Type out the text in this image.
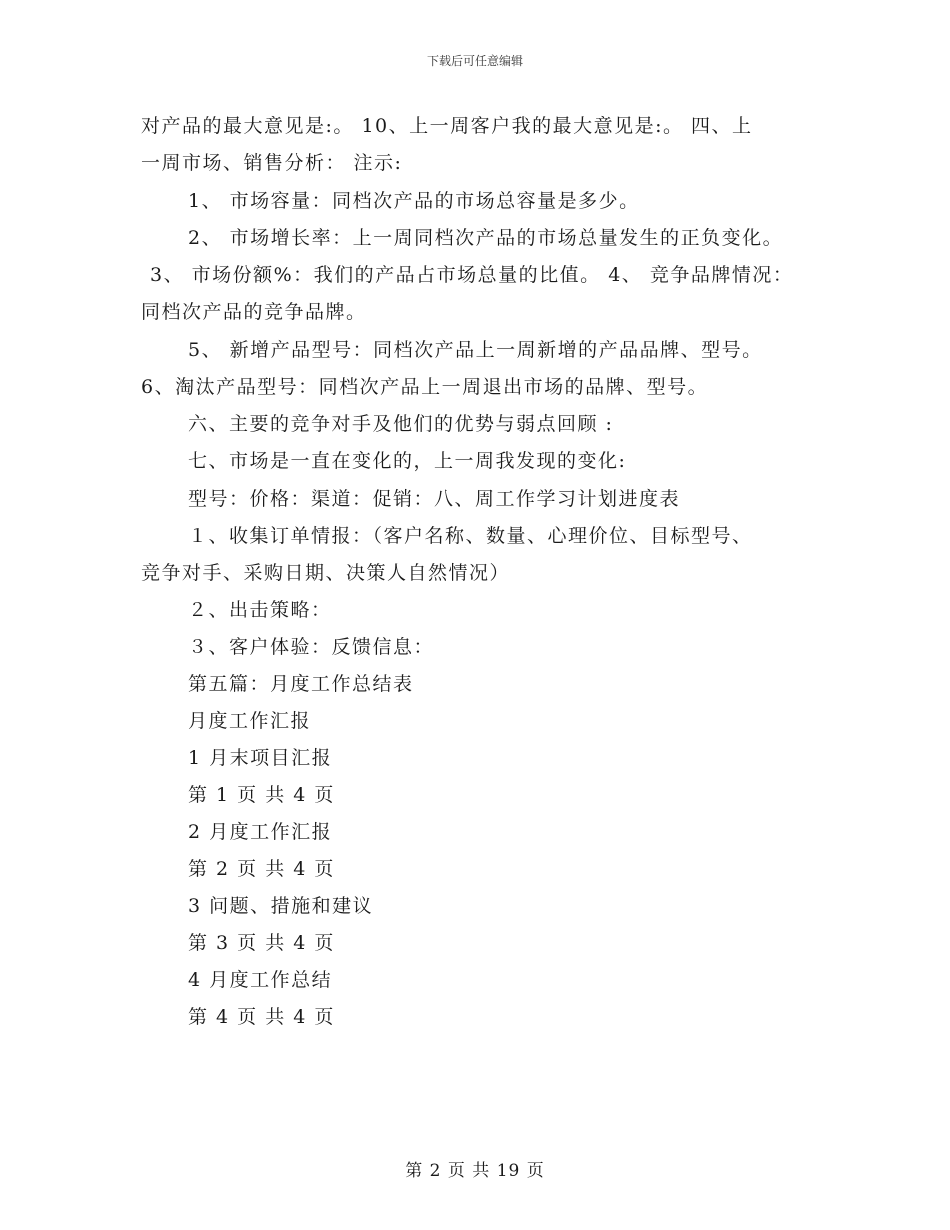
下载后可任意编辑
对产品的最大意见是:。 10、上一周客户我的最大意见是:。 四、上
一周市场、销售分析： 注示:
1、 市场容量：同档次产品的市场总容量是多少。
2、 市场增长率：上一周同档次产品的市场总量发生的正负变化。
3、 市场份额%：我们的产品占市场总量的比值。 4、 竞争品牌情况：
同档次产品的竞争品牌。
5、 新增产品型号：同档次产品上一周新增的产品品牌、型号。
6、淘汰产品型号：同档次产品上一周退出市场的品牌、型号。
六、主要的竞争对手及他们的优势与弱点回顾 :
七、市场是一直在变化的，上一周我发现的变化:
型号：价格：渠道：促销：八、周工作学习计划进度表
１、收集订单情报：（客户名称、数量、心理价位、目标型号、
竞争对手、采购日期、决策人自然情况）
２、出击策略：
３、客户体验：反馈信息：
第五篇：月度工作总结表
月度工作汇报
1 月末项目汇报
第 1 页 共 4 页
2 月度工作汇报
第 2 页 共 4 页
3 问题、措施和建议
第 3 页 共 4 页
4 月度工作总结
第 4 页 共 4 页
第 2 页 共 19 页
